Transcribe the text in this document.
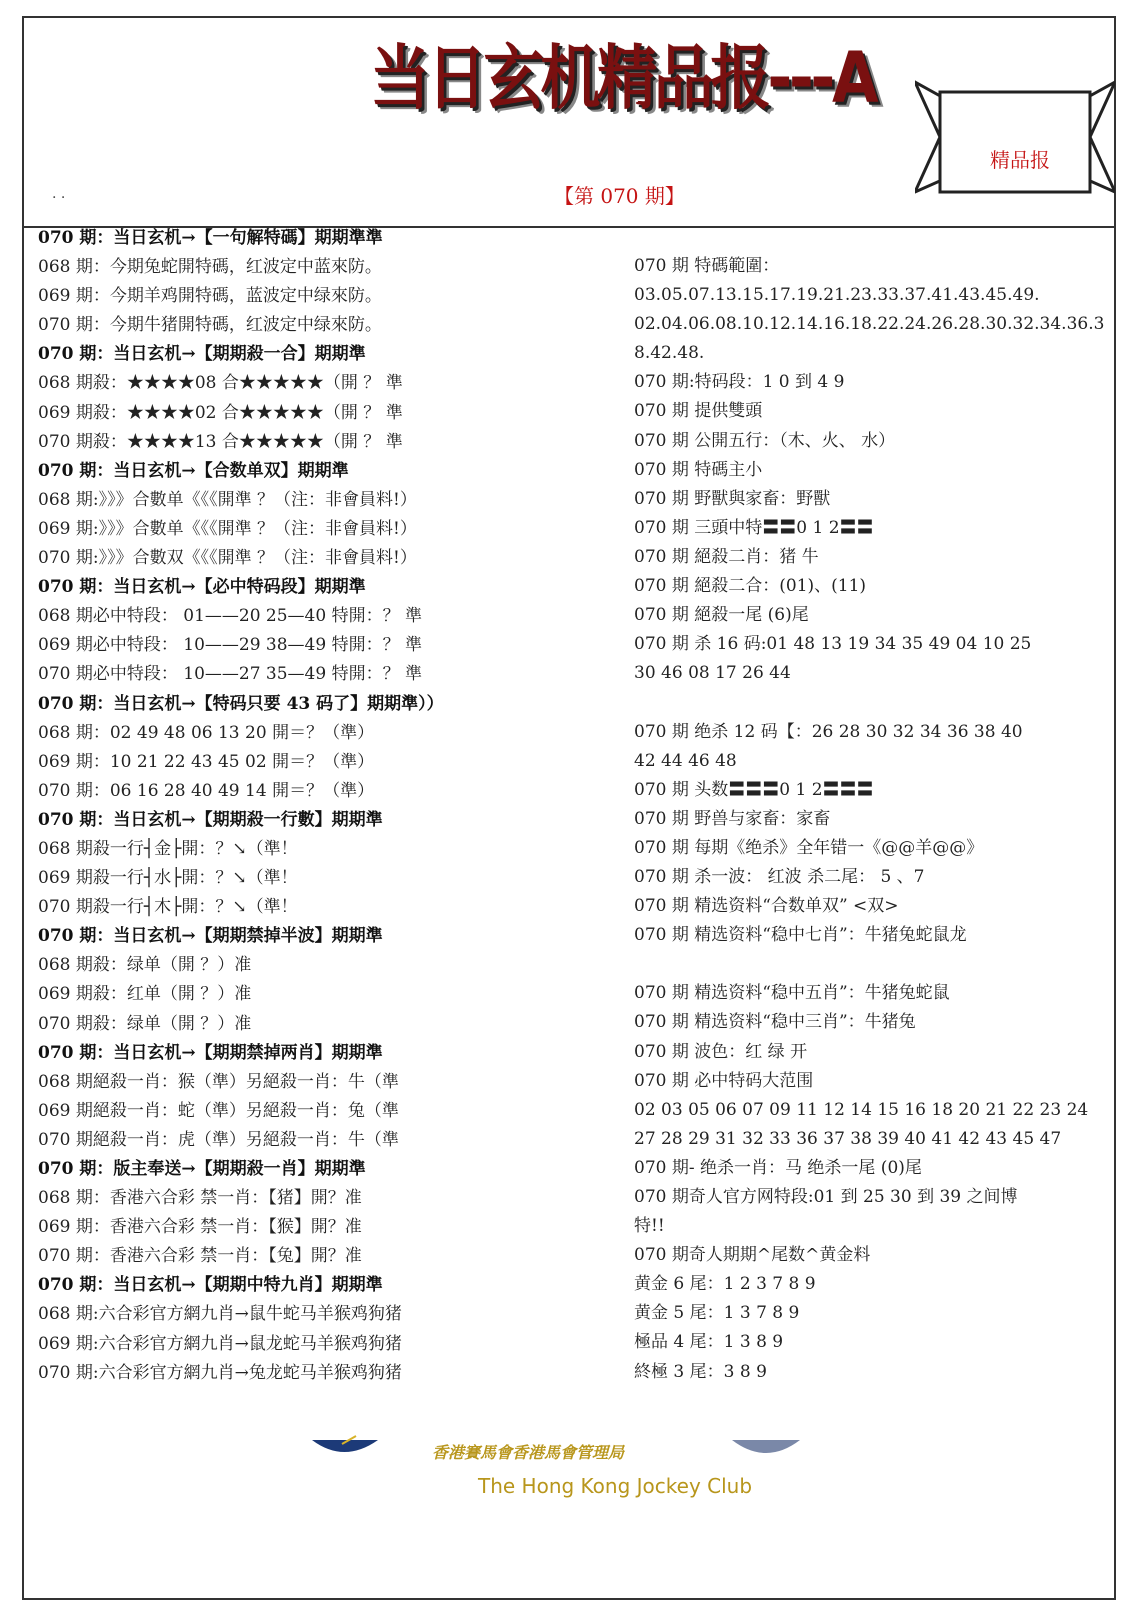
. .
当日玄机精品报---A
【第 070 期】
精品报
070 期：当日玄机→【一句解特碼】期期準準
068 期：今期兔蛇開特碼，红波定中蓝來防。
069 期：今期羊鸡開特碼，蓝波定中绿來防。
070 期：今期牛猪開特碼，红波定中绿來防。
070 期：当日玄机→【期期殺一合】期期準
068 期殺：★★★★08 合★★★★★（開 ？ 準
069 期殺：★★★★02 合★★★★★（開 ？ 準
070 期殺：★★★★13 合★★★★★（開 ？ 準
070 期：当日玄机→【合数单双】期期準
068 期:》》》合數单《《《開準 ？（注：非會員料!）
069 期:》》》合數单《《《開準 ？（注：非會員料!）
070 期:》》》合數双《《《開準 ？（注：非會員料!）
070 期：当日玄机→【必中特码段】期期準
068 期必中特段： 01——20 25—40 特開：？ 準
069 期必中特段： 10——29 38—49 特開：？ 準
070 期必中特段： 10——27 35—49 特開：？ 準
070 期：当日玄机→【特码只要 43 码了】期期準））
068 期：02 49 48 06 13 20 開＝？（準）
069 期：10 21 22 43 45 02 開＝？（準）
070 期：06 16 28 40 49 14 開＝？（準）
070 期：当日玄机→【期期殺一行數】期期準
068 期殺一行┤金├開：？↘（準！
069 期殺一行┤水├開：？↘（準！
070 期殺一行┤木├開：？↘（準！
070 期：当日玄机→【期期禁掉半波】期期準
068 期殺：绿单（開 ？）准
069 期殺：红单（開 ？）准
070 期殺：绿单（開 ？）准
070 期：当日玄机→【期期禁掉两肖】期期準
068 期絕殺一肖：猴（準）另絕殺一肖：牛（準
069 期絕殺一肖：蛇（準）另絕殺一肖：兔（準
070 期絕殺一肖：虎（準）另絕殺一肖：牛（準
070 期：版主奉送→【期期殺一肖】期期準
068 期：香港六合彩 禁一肖：【猪】開？准
069 期：香港六合彩 禁一肖：【猴】開？准
070 期：香港六合彩 禁一肖：【兔】開？准
070 期：当日玄机→【期期中特九肖】期期準
068 期:六合彩官方網九肖→鼠牛蛇马羊猴鸡狗猪
069 期:六合彩官方網九肖→鼠龙蛇马羊猴鸡狗猪
070 期:六合彩官方網九肖→兔龙蛇马羊猴鸡狗猪
070 期 特碼範圍：
03.05.07.13.15.17.19.21.23.33.37.41.43.45.49.
02.04.06.08.10.12.14.16.18.22.24.26.28.30.32.34.36.3
8.42.48.
070 期:特码段：1 0 到 4 9
070 期 提供雙頭
070 期 公開五行：（木、火、 水）
070 期 特碼主小
070 期 野獸與家畜：野獸
070 期 三頭中特〓〓0 1 2〓〓
070 期 絕殺二肖：猪 牛
070 期 絕殺二合：(01)、(11)
070 期 絕殺一尾 (6)尾
070 期 杀 16 码:01 48 13 19 34 35 49 04 10 25
30 46 08 17 26 44
070 期 绝杀 12 码【：26 28 30 32 34 36 38 40
42 44 46 48
070 期 头数〓〓〓0 1 2〓〓〓
070 期 野兽与家畜：家畜
070 期 每期《绝杀》全年错一《@@羊@@》
070 期 杀一波： 红波 杀二尾： 5 、7
070 期 精选资料“合数单双” <双>
070 期 精选资料“稳中七肖”：牛猪兔蛇鼠龙
070 期 精选资料“稳中五肖”：牛猪兔蛇鼠
070 期 精选资料“稳中三肖”：牛猪兔
070 期 波色：红 绿 开
070 期 必中特码大范围
02 03 05 06 07 09 11 12 14 15 16 18 20 21 22 23 24
27 28 29 31 32 33 36 37 38 39 40 41 42 43 45 47
070 期- 绝杀一肖：马 绝杀一尾 (0)尾
070 期奇人官方网特段:01 到 25 30 到 39 之间博
特!!
070 期奇人期期^尾数^黄金料
黄金 6 尾：1 2 3 7 8 9
黄金 5 尾：1 3 7 8 9
極品 4 尾：1 3 8 9
終極 3 尾：3 8 9
香港賽馬會香港馬會管理局
The Hong Kong Jockey Club
